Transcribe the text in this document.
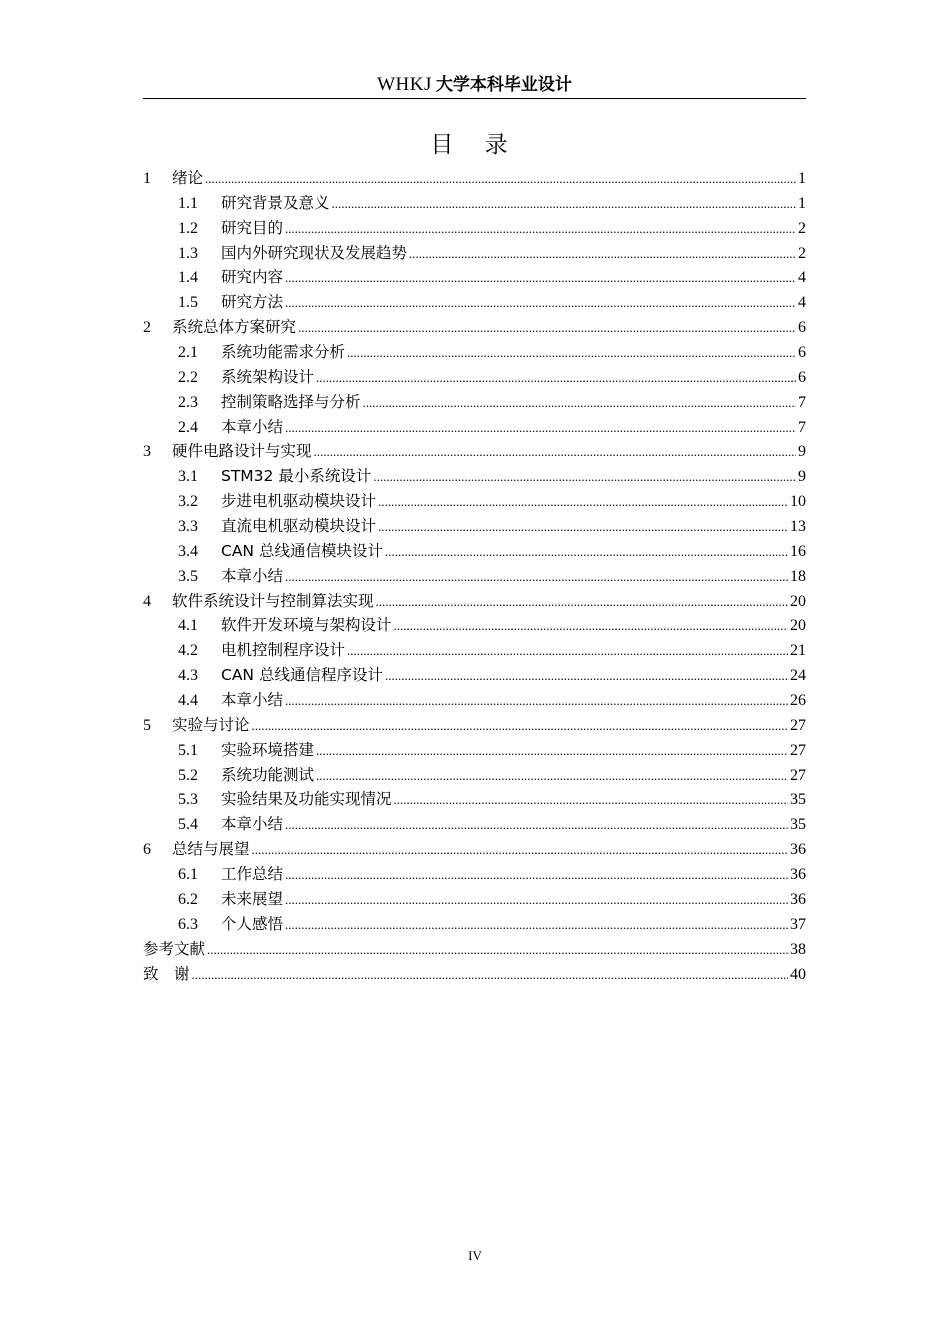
WHKJ 大学本科毕业设计
目 录
1	绪论 .....	1
1.1	研究背景及意义 .....	1
1.2	研究目的 .....	2
1.3	国内外研究现状及发展趋势 .....	2
1.4	研究内容 .....	4
1.5	研究方法 .....	4
2	系统总体方案研究 .....	6
2.1	系统功能需求分析 .....	6
2.2	系统架构设计 .....	6
2.3	控制策略选择与分析 .....	7
2.4	本章小结 .....	7
3	硬件电路设计与实现 .....	9
3.1	STM32 最小系统设计 .....	9
3.2	步进电机驱动模块设计 .....	10
3.3	直流电机驱动模块设计 .....	13
3.4	CAN 总线通信模块设计 .....	16
3.5	本章小结 .....	18
4	软件系统设计与控制算法实现 .....	20
4.1	软件开发环境与架构设计 .....	20
4.2	电机控制程序设计 .....	21
4.3	CAN 总线通信程序设计 .....	24
4.4	本章小结 .....	26
5	实验与讨论 .....	27
5.1	实验环境搭建 .....	27
5.2	系统功能测试 .....	27
5.3	实验结果及功能实现情况 .....	35
5.4	本章小结 .....	35
6	总结与展望 .....	36
6.1	工作总结 .....	36
6.2	未来展望 .....	36
6.3	个人感悟 .....	37
参考文献 .....	38
致　谢 .....	40
IV
